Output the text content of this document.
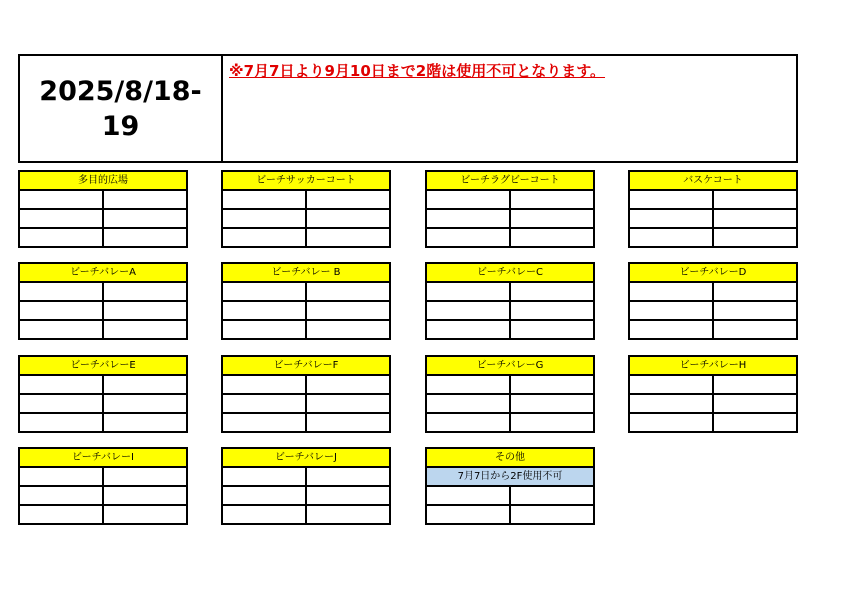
2025/8/18-19
※7月7日より9月10日まで2階は使用不可となります。
多目的広場	ビーチサッカーコート	ビーチラグビーコート	バスケコート
ビーチバレーA	ビーチバレー B	ビーチバレーC	ビーチバレーD
ビーチバレーE	ビーチバレーF	ビーチバレーG	ビーチバレーH
ビーチバレーI	ビーチバレーJ	その他
7月7日から2F使用不可
